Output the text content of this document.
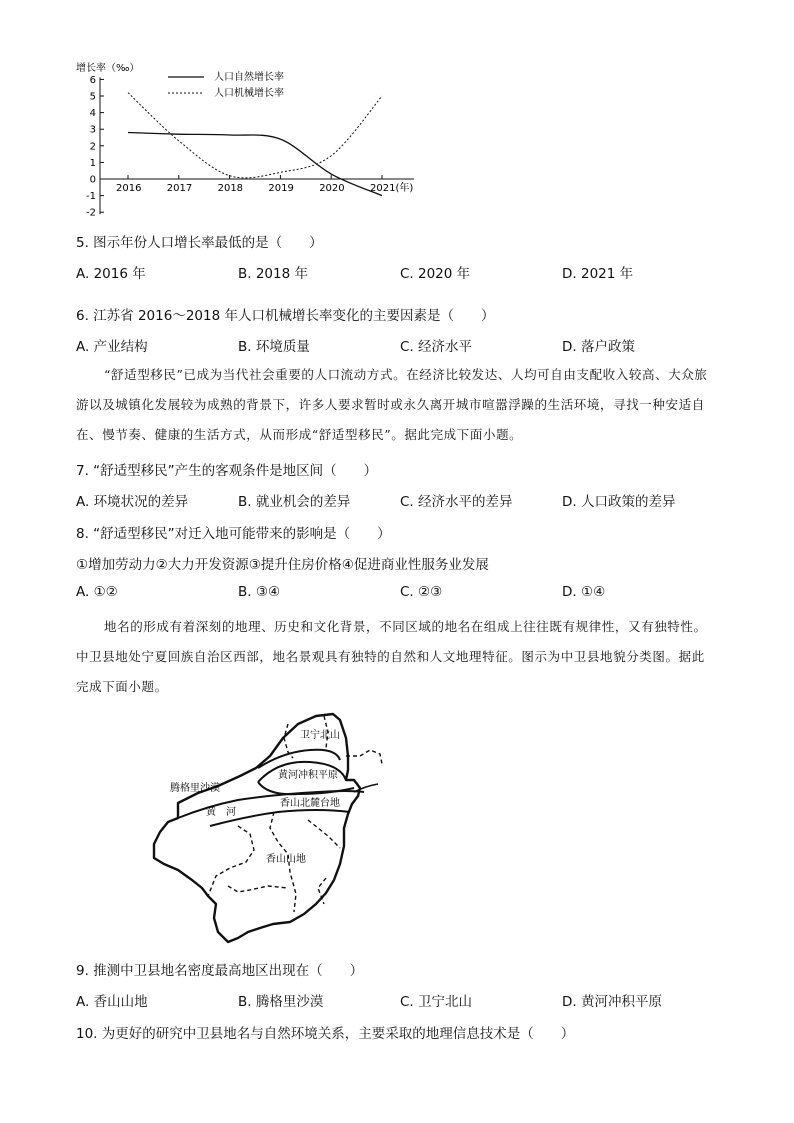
增长率（‰）
6
5
4
3
2
1
0
-1
-2
2016	2017	2018	2019	2020	2021(年)
人口自然增长率
人口机械增长率
5. 图示年份人口增长率最低的是（　　）
A. 2016 年	B. 2018 年	C. 2020 年	D. 2021 年
6. 江苏省 2016～2018 年人口机械增长率变化的主要因素是（　　）
A. 产业结构	B. 环境质量	C. 经济水平	D. 落户政策
“舒适型移民”已成为当代社会重要的人口流动方式。在经济比较发达、人均可自由支配收入较高、大众旅游以及城镇化发展较为成熟的背景下，许多人要求暂时或永久离开城市喧嚣浮躁的生活环境，寻找一种安适自在、慢节奏、健康的生活方式，从而形成“舒适型移民”。据此完成下面小题。
7. “舒适型移民”产生的客观条件是地区间（　　）
A. 环境状况的差异	B. 就业机会的差异	C. 经济水平的差异	D. 人口政策的差异
8. “舒适型移民”对迁入地可能带来的影响是（　　）
①增加劳动力②大力开发资源③提升住房价格④促进商业性服务业发展
A. ①②	B. ③④	C. ②③	D. ①④
地名的形成有着深刻的地理、历史和文化背景，不同区域的地名在组成上往往既有规律性，又有独特性。中卫县地处宁夏回族自治区西部，地名景观具有独特的自然和人文地理特征。图示为中卫县地貌分类图。据此完成下面小题。
腾格里沙漠
卫宁北山
黄河冲积平原
香山北麓台地
香山山地
黄　河
9. 推测中卫县地名密度最高地区出现在（　　）
A. 香山山地	B. 腾格里沙漠	C. 卫宁北山	D. 黄河冲积平原
10. 为更好的研究中卫县地名与自然环境关系，主要采取的地理信息技术是（　　）
